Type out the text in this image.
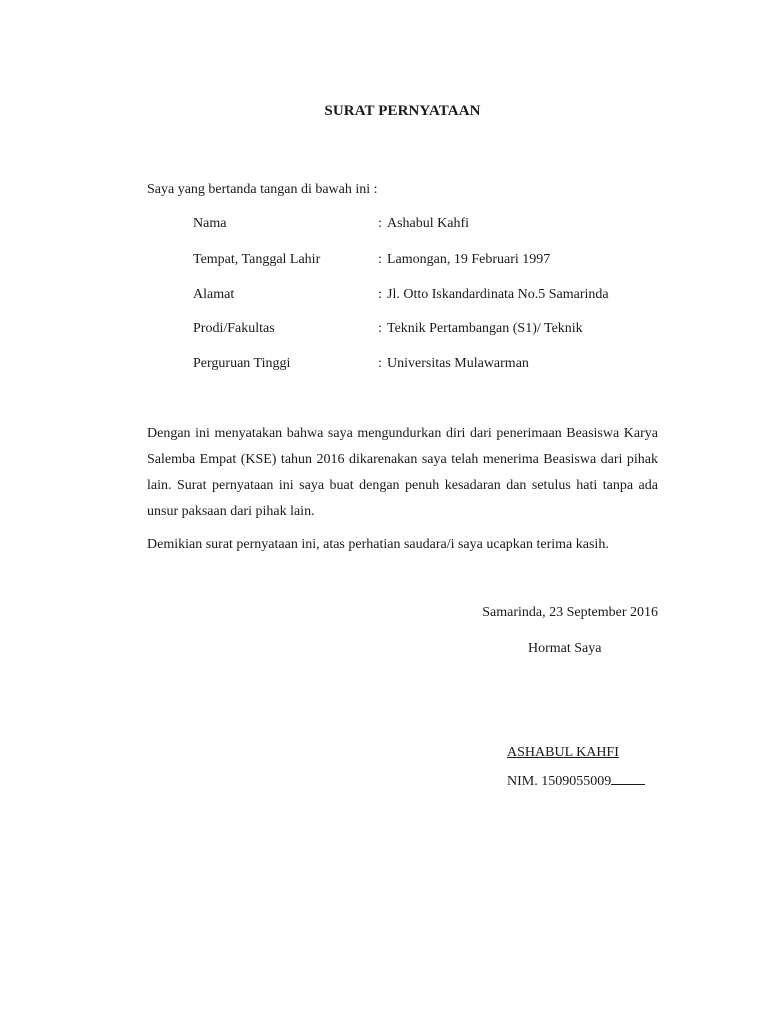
SURAT PERNYATAAN
Saya yang bertanda tangan di bawah ini :
Nama	: Ashabul Kahfi
Tempat, Tanggal Lahir	: Lamongan, 19 Februari 1997
Alamat	: Jl. Otto Iskandardinata No.5 Samarinda
Prodi/Fakultas	: Teknik Pertambangan (S1)/ Teknik
Perguruan Tinggi	: Universitas Mulawarman
Dengan ini menyatakan bahwa saya mengundurkan diri dari penerimaan Beasiswa Karya Salemba Empat (KSE) tahun 2016 dikarenakan saya telah menerima Beasiswa dari pihak lain. Surat pernyataan ini saya buat dengan penuh kesadaran dan setulus hati tanpa ada unsur paksaan dari pihak lain.
Demikian surat pernyataan ini, atas perhatian saudara/i saya ucapkan terima kasih.
Samarinda, 23 September 2016
Hormat Saya
ASHABUL KAHFI
NIM. 1509055009
